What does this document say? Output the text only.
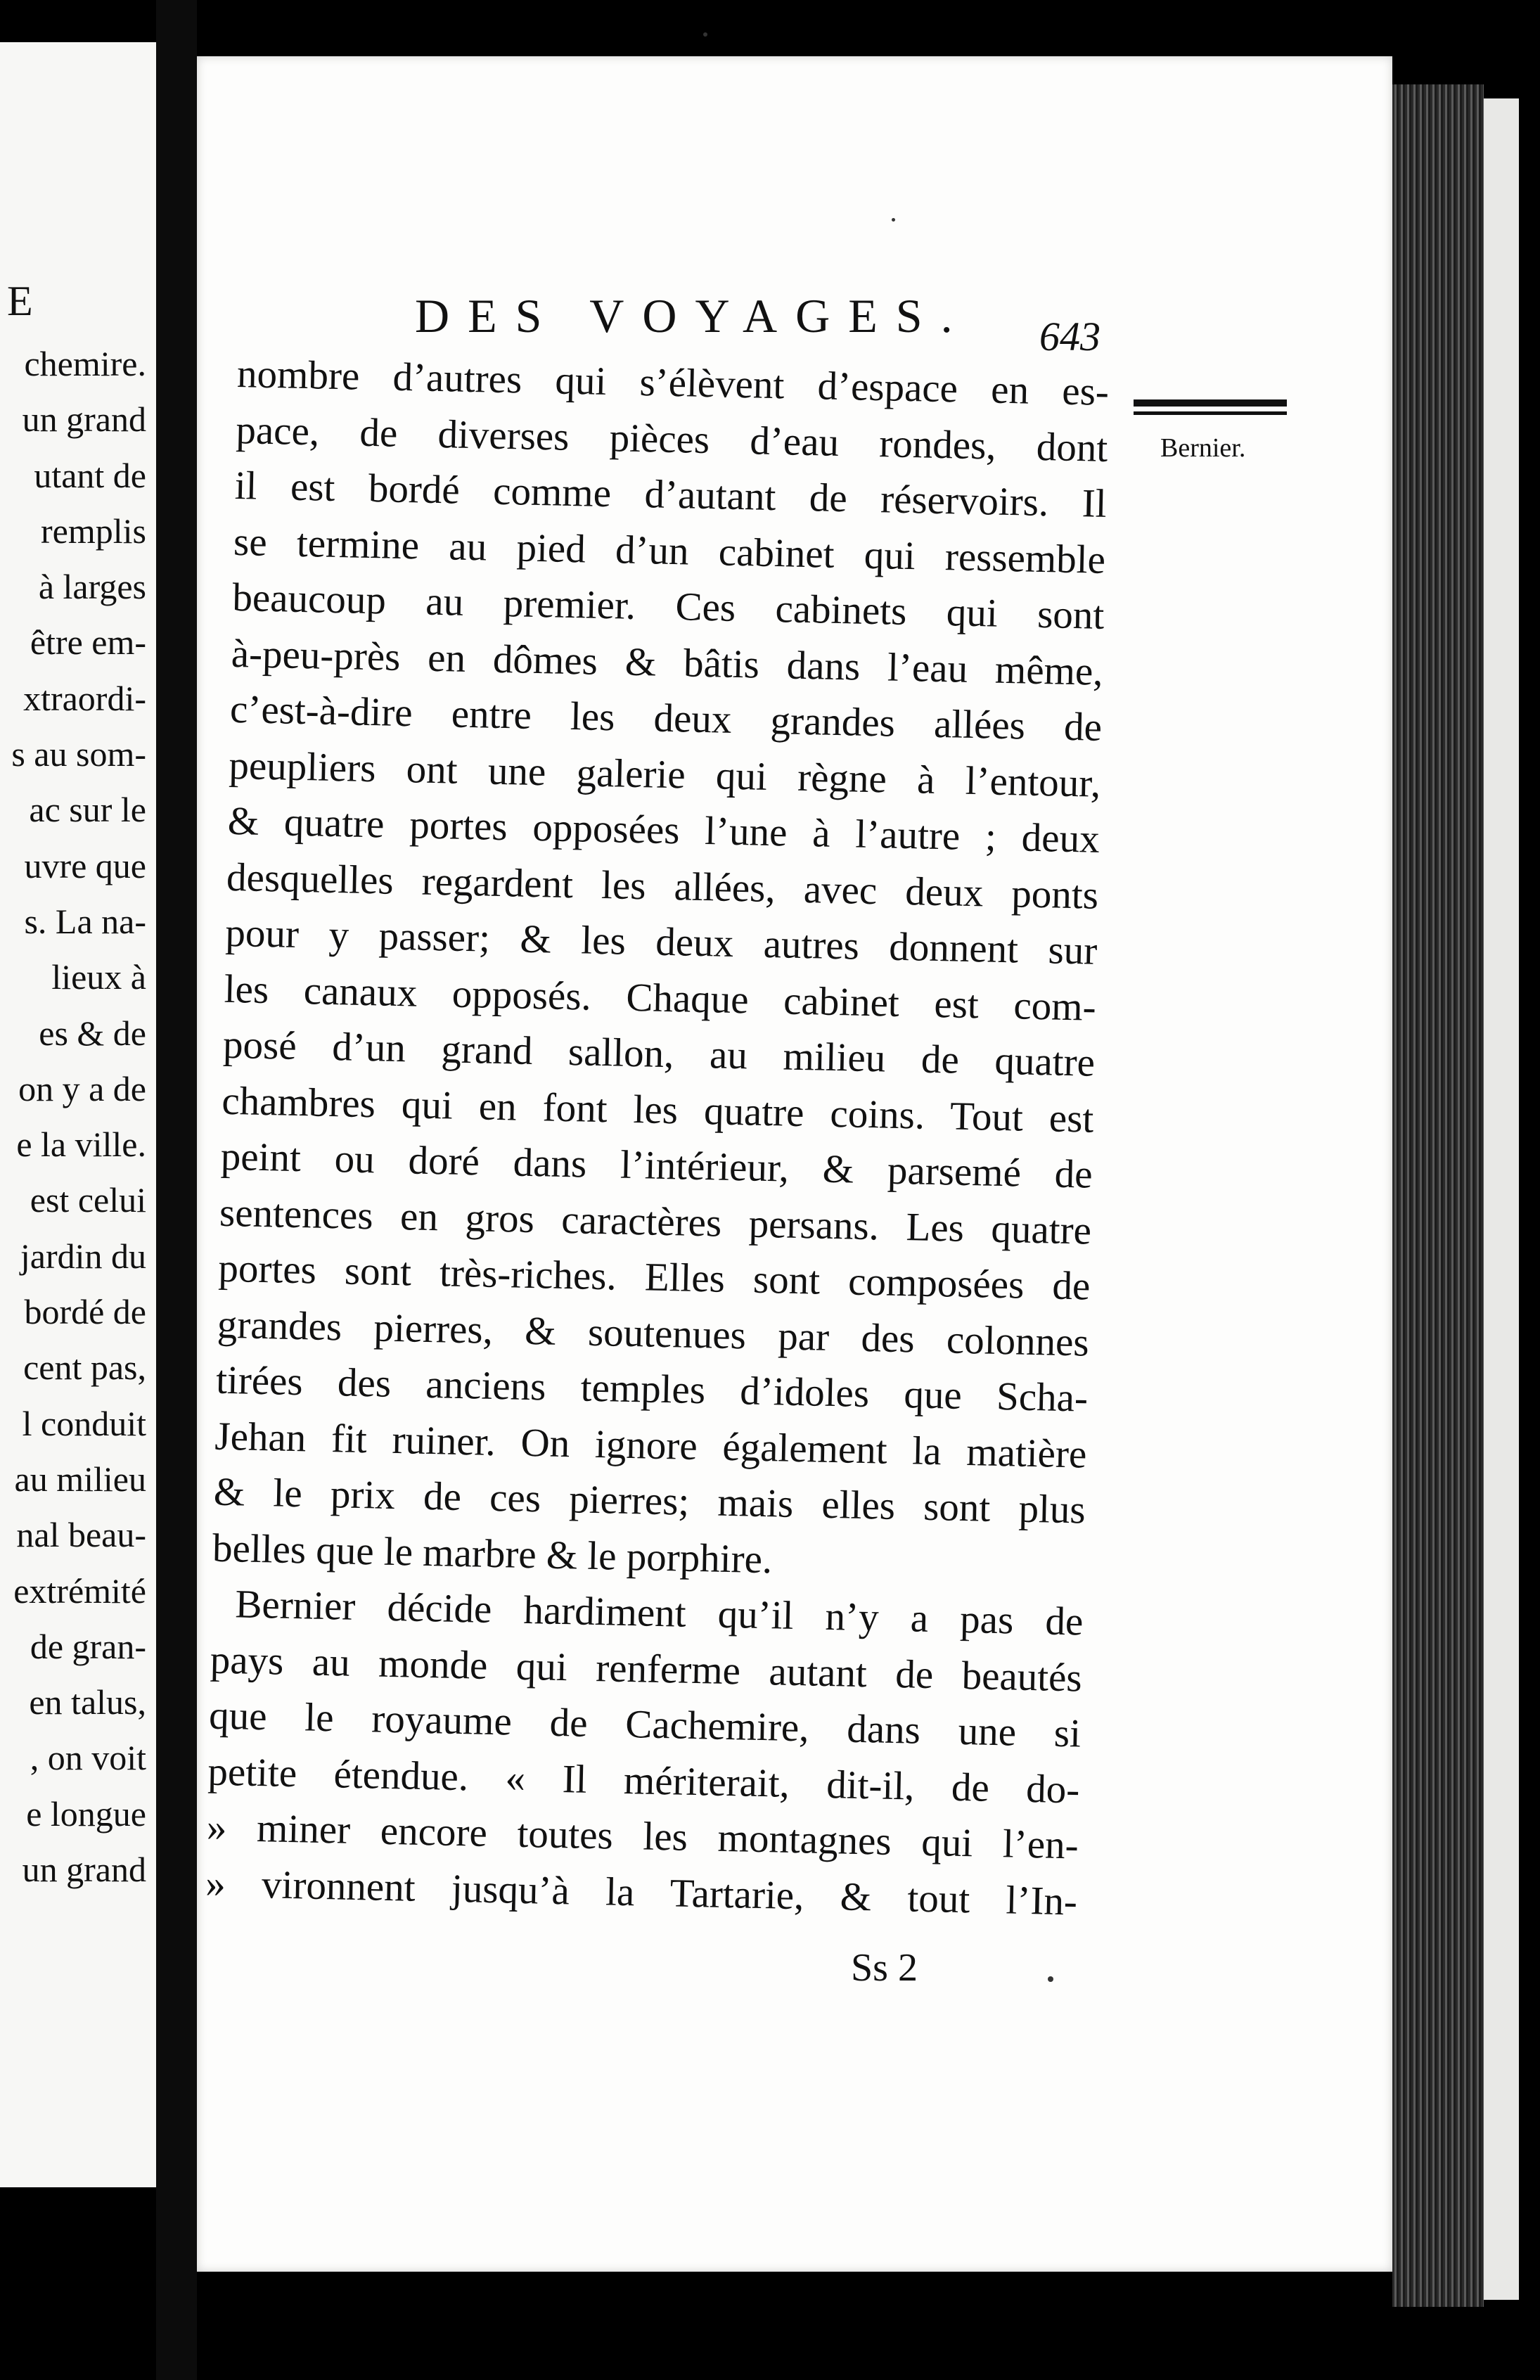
E
chemire.
un grand
utant de
remplis
à larges
être em-
xtraordi-
s au som-
ac sur le
uvre que
s. La na-
lieux à
es & de
on y a de
e la ville.
est celui
jardin du
bordé de
cent pas,
l conduit
au milieu
nal beau-
extrémité
de gran-
en talus,
, on voit
e longue
un grand
DES VOYAGES. 643
Bernier.
nombre d’autres qui s’élèvent d’espace en es-
pace, de diverses pièces d’eau rondes, dont
il est bordé comme d’autant de réservoirs. Il
se termine au pied d’un cabinet qui ressemble
beaucoup au premier. Ces cabinets qui sont
à-peu-près en dômes & bâtis dans l’eau même,
c’est-à-dire entre les deux grandes allées de
peupliers ont une galerie qui règne à l’entour,
& quatre portes opposées l’une à l’autre ; deux
desquelles regardent les allées, avec deux ponts
pour y passer; & les deux autres donnent sur
les canaux opposés. Chaque cabinet est com-
posé d’un grand sallon, au milieu de quatre
chambres qui en font les quatre coins. Tout est
peint ou doré dans l’intérieur, & parsemé de
sentences en gros caractères persans. Les quatre
portes sont très-riches. Elles sont composées de
grandes pierres, & soutenues par des colonnes
tirées des anciens temples d’idoles que Scha-
Jehan fit ruiner. On ignore également la matière
& le prix de ces pierres; mais elles sont plus
belles que le marbre & le porphire.
Bernier décide hardiment qu’il n’y a pas de
pays au monde qui renferme autant de beautés
que le royaume de Cachemire, dans une si
petite étendue. « Il mériterait, dit-il, de do-
» miner encore toutes les montagnes qui l’en-
» vironnent jusqu’à la Tartarie, & tout l’In-
Ss 2
